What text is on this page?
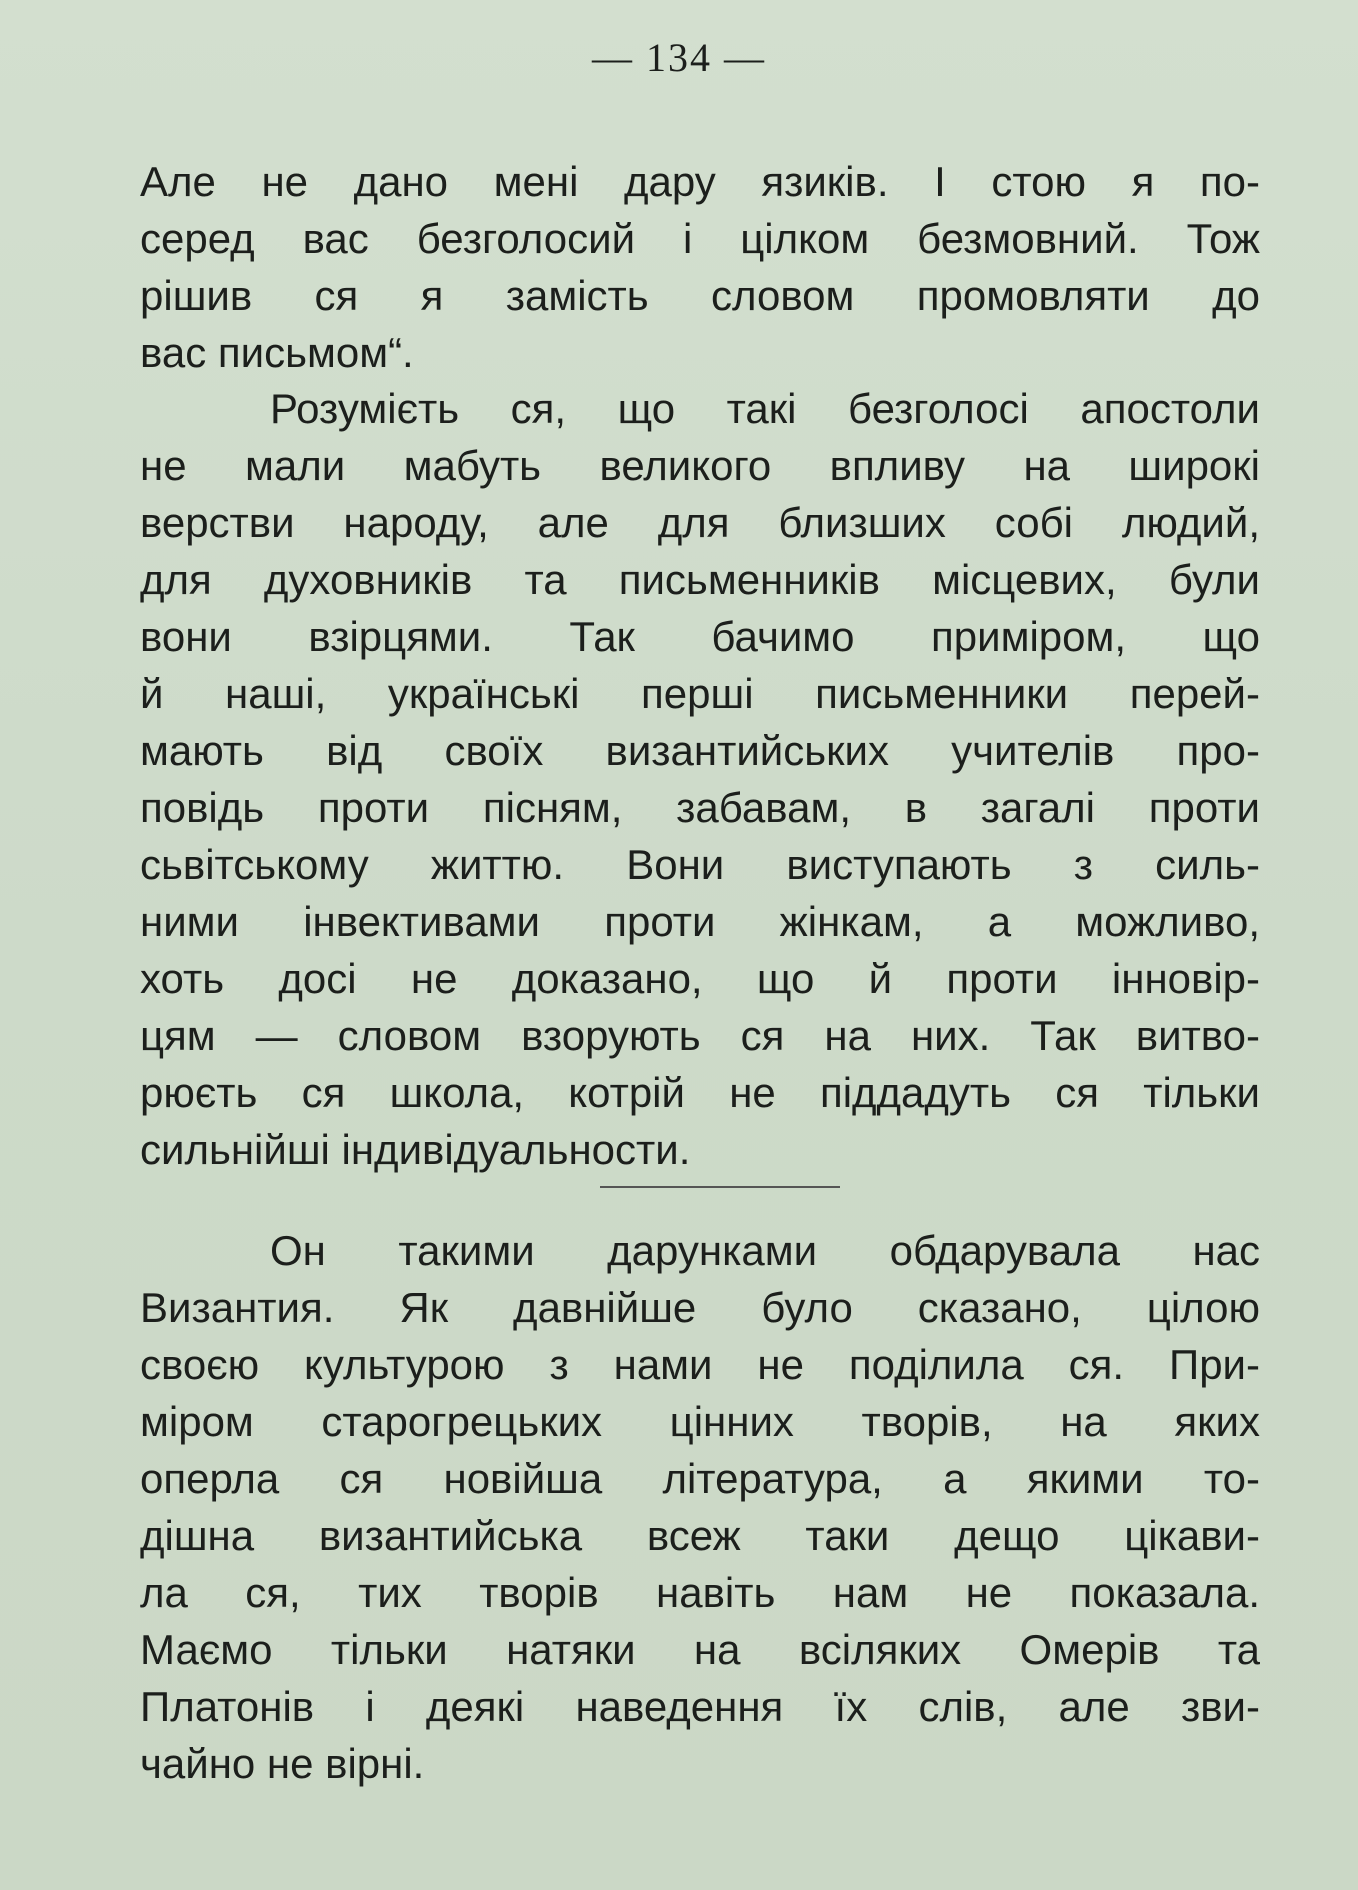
— 134 —
Але не дано мені дару язиків. І стою я по-
серед вас безголосий і цілком безмовний. Тож
рішив ся я замість словом промовляти до
вас письмом“.
Розумієть ся, що такі безголосі апостоли
не мали мабуть великого впливу на широкі
верстви народу, але для близших собі людий,
для духовників та письменників місцевих, були
вони взірцями. Так бачимо приміром, що
й наші, українські перші письменники перей-
мають від своїх византийських учителів про-
повідь проти пісням, забавам, в загалі проти
сьвітському життю. Вони виступають з силь-
ними інвективами проти жінкам, а можливо,
хоть досі не доказано, що й проти інновір-
цям — словом взорують ся на них. Так витво-
рюєть ся школа, котрій не піддадуть ся тільки
сильнійші індивідуальности.
Он такими дарунками обдарувала нас
Византия. Як давнійше було сказано, цілою
своєю культурою з нами не поділила ся. При-
міром старогрецьких цінних творів, на яких
оперла ся новійша література, а якими то-
дішна византийська всеж таки дещо цікави-
ла ся, тих творів навіть нам не показала.
Маємо тільки натяки на всіляких Омерів та
Платонів і деякі наведення їх слів, але зви-
чайно не вірні.
